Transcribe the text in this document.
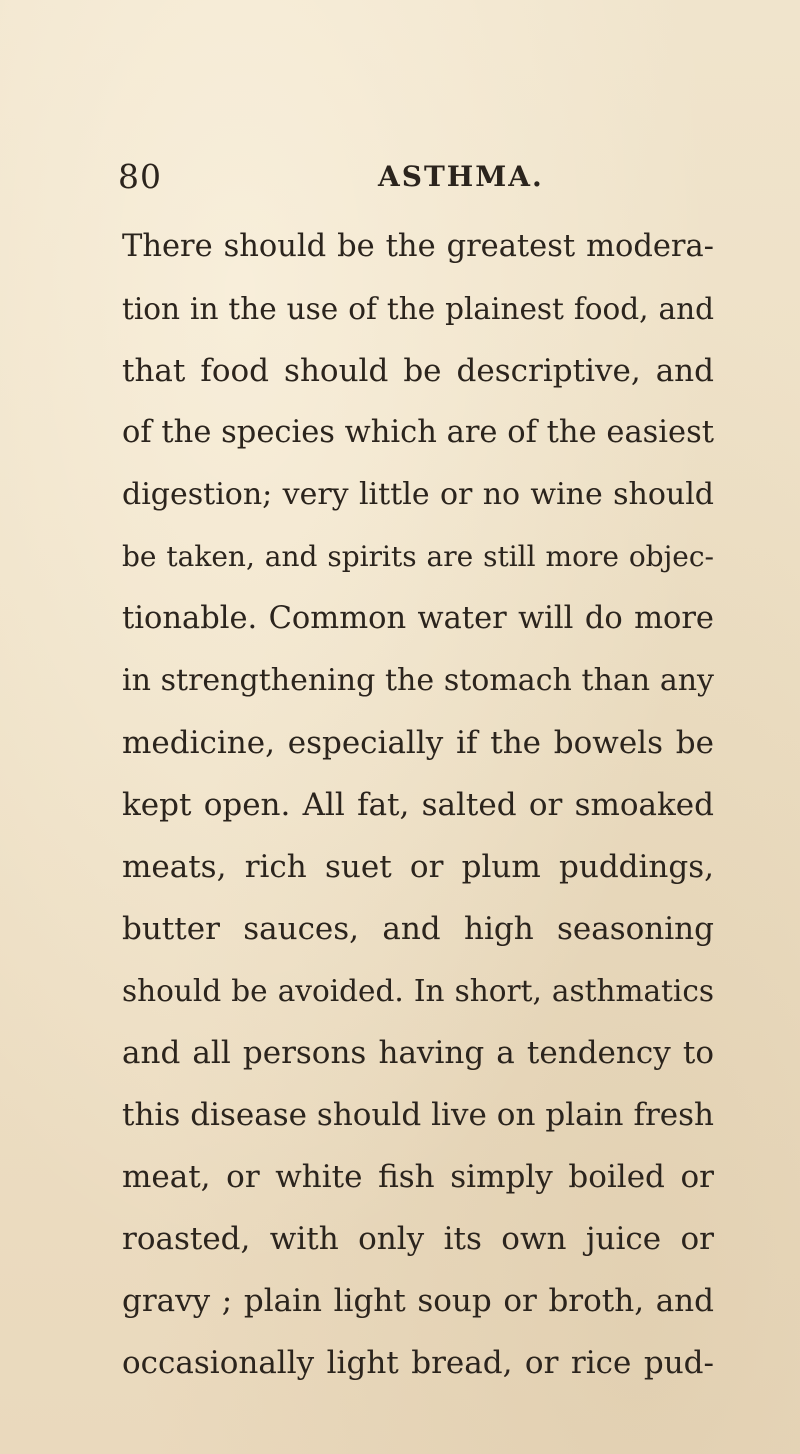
80	ASTHMA.
There should be the greatest modera-
tion in the use of the plainest food, and
that food should be descriptive, and
of the species which are of the easiest
digestion; very little or no wine should
be taken, and spirits are still more objec-
tionable. Common water will do more
in strengthening the stomach than any
medicine, especially if the bowels be
kept open. All fat, salted or smoaked
meats, rich suet or plum puddings,
butter sauces, and high seasoning
should be avoided. In short, asthmatics
and all persons having a tendency to
this disease should live on plain fresh
meat, or white fish simply boiled or
roasted, with only its own juice or
gravy ; plain light soup or broth, and
occasionally light bread, or rice pud-
